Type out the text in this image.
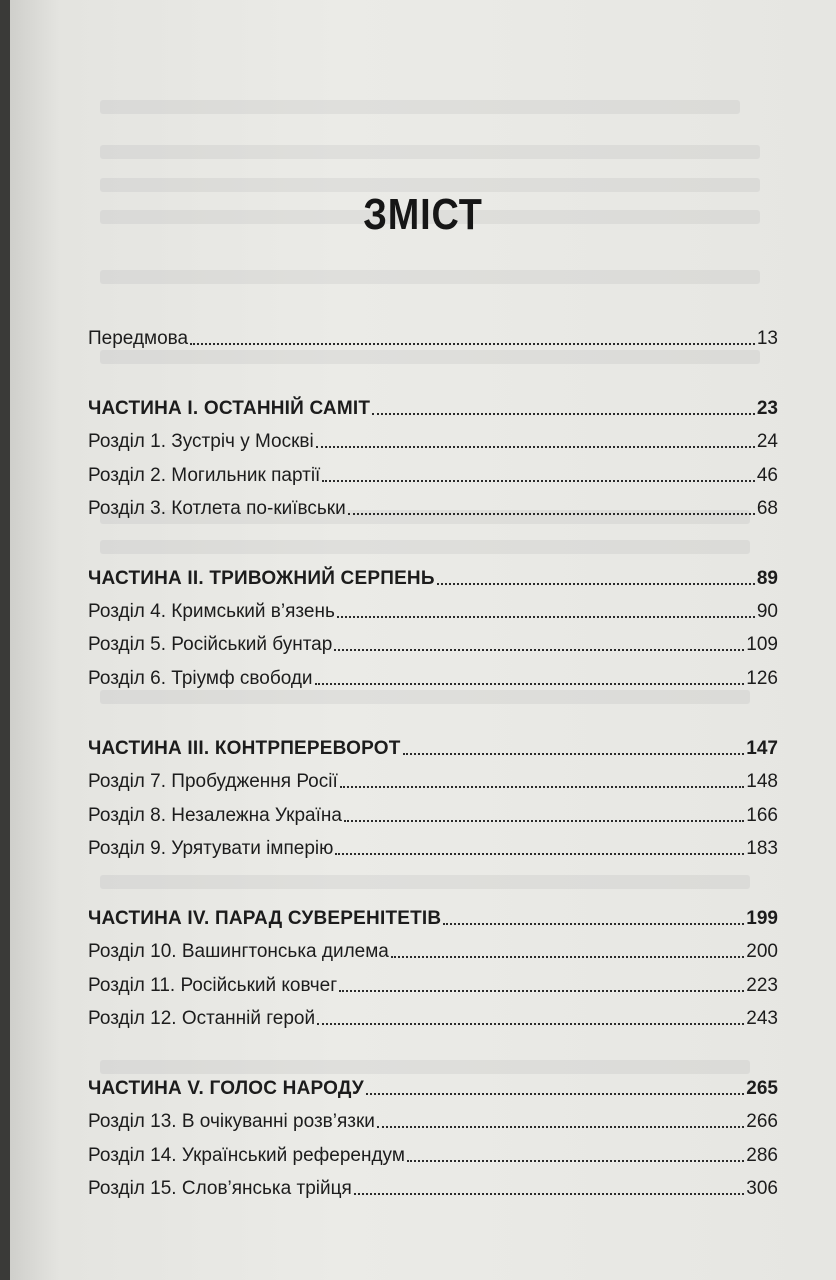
ЗМІСТ
Передмова	13
ЧАСТИНА I. ОСТАННІЙ САМІТ	23
Розділ 1. Зустріч у Москві	24
Розділ 2. Могильник партії	46
Розділ 3. Котлета по-київськи	68
ЧАСТИНА II. ТРИВОЖНИЙ СЕРПЕНЬ	89
Розділ 4. Кримський в’язень	90
Розділ 5. Російський бунтар	109
Розділ 6. Тріумф свободи	126
ЧАСТИНА III. КОНТРПЕРЕВОРОТ	147
Розділ 7. Пробудження Росії	148
Розділ 8. Незалежна Україна	166
Розділ 9. Урятувати імперію	183
ЧАСТИНА IV. ПАРАД СУВЕРЕНІТЕТІВ	199
Розділ 10. Вашингтонська дилема	200
Розділ 11. Російський ковчег	223
Розділ 12. Останній герой	243
ЧАСТИНА V. ГОЛОС НАРОДУ	265
Розділ 13. В очікуванні розв’язки	266
Розділ 14. Український референдум	286
Розділ 15. Слов’янська трійця	306
